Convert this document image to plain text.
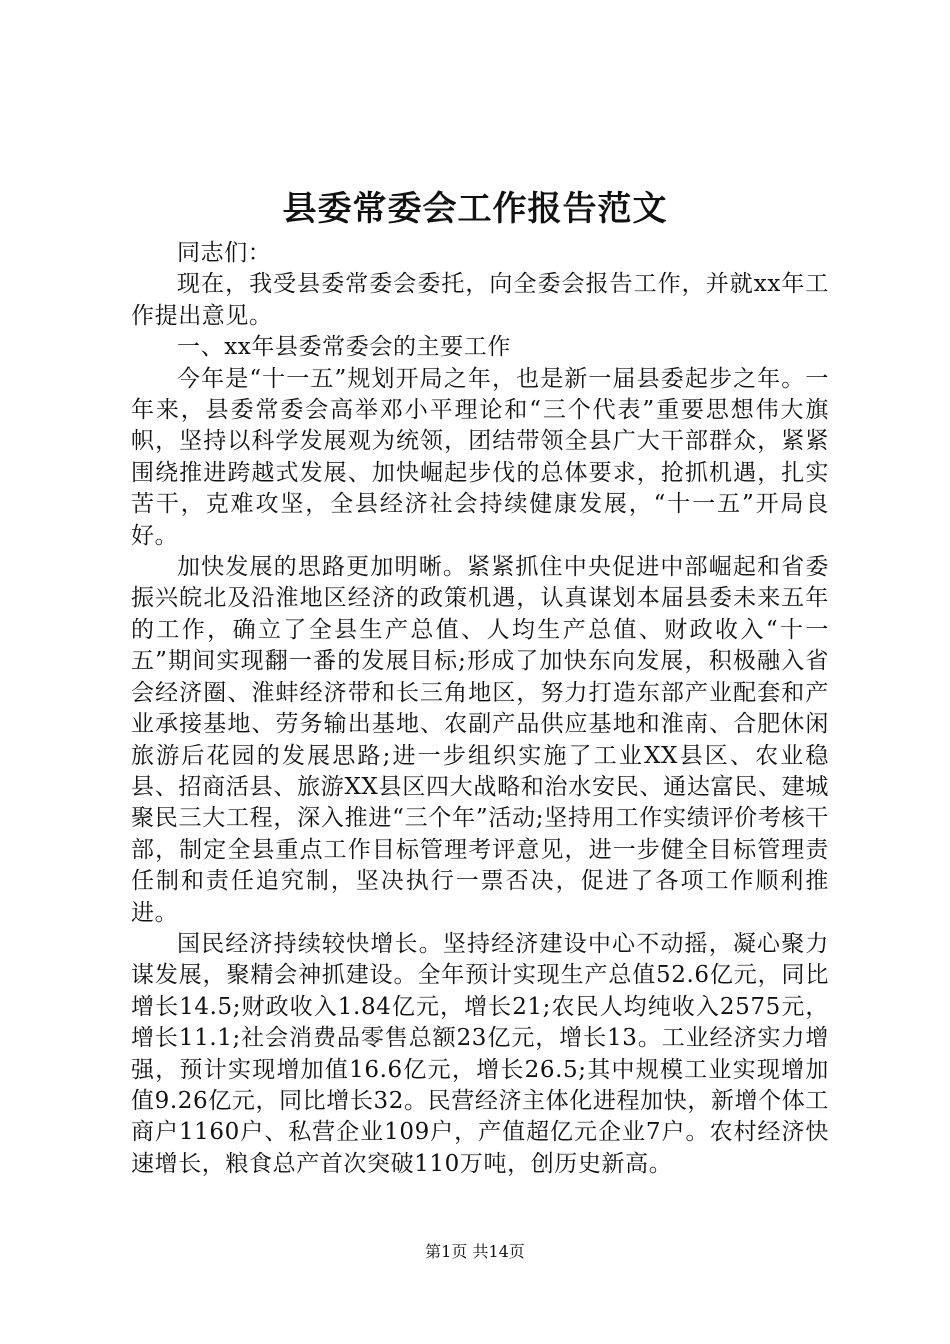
县委常委会工作报告范文

同志们：

现在，我受县委常委会委托，向全委会报告工作，并就xx年工作提出意见。

一、xx年县委常委会的主要工作

今年是“十一五”规划开局之年，也是新一届县委起步之年。一年来，县委常委会高举邓小平理论和“三个代表”重要思想伟大旗帜，坚持以科学发展观为统领，团结带领全县广大干部群众，紧紧围绕推进跨越式发展、加快崛起步伐的总体要求，抢抓机遇，扎实苦干，克难攻坚，全县经济社会持续健康发展，“十一五”开局良好。

加快发展的思路更加明晰。紧紧抓住中央促进中部崛起和省委振兴皖北及沿淮地区经济的政策机遇，认真谋划本届县委未来五年的工作，确立了全县生产总值、人均生产总值、财政收入“十一五”期间实现翻一番的发展目标;形成了加快东向发展，积极融入省会经济圈、淮蚌经济带和长三角地区，努力打造东部产业配套和产业承接基地、劳务输出基地、农副产品供应基地和淮南、合肥休闲旅游后花园的发展思路;进一步组织实施了工业XX县区、农业稳县、招商活县、旅游XX县区四大战略和治水安民、通达富民、建城聚民三大工程，深入推进“三个年”活动;坚持用工作实绩评价考核干部，制定全县重点工作目标管理考评意见，进一步健全目标管理责任制和责任追究制，坚决执行一票否决，促进了各项工作顺利推进。

国民经济持续较快增长。坚持经济建设中心不动摇，凝心聚力谋发展，聚精会神抓建设。全年预计实现生产总值52.6亿元，同比增长14.5;财政收入1.84亿元，增长21;农民人均纯收入2575元，增长11.1;社会消费品零售总额23亿元，增长13。工业经济实力增强，预计实现增加值16.6亿元，增长26.5;其中规模工业实现增加值9.26亿元，同比增长32。民营经济主体化进程加快，新增个体工商户1160户、私营企业109户，产值超亿元企业7户。农村经济快速增长，粮食总产首次突破110万吨，创历史新高。

第1页 共14页
